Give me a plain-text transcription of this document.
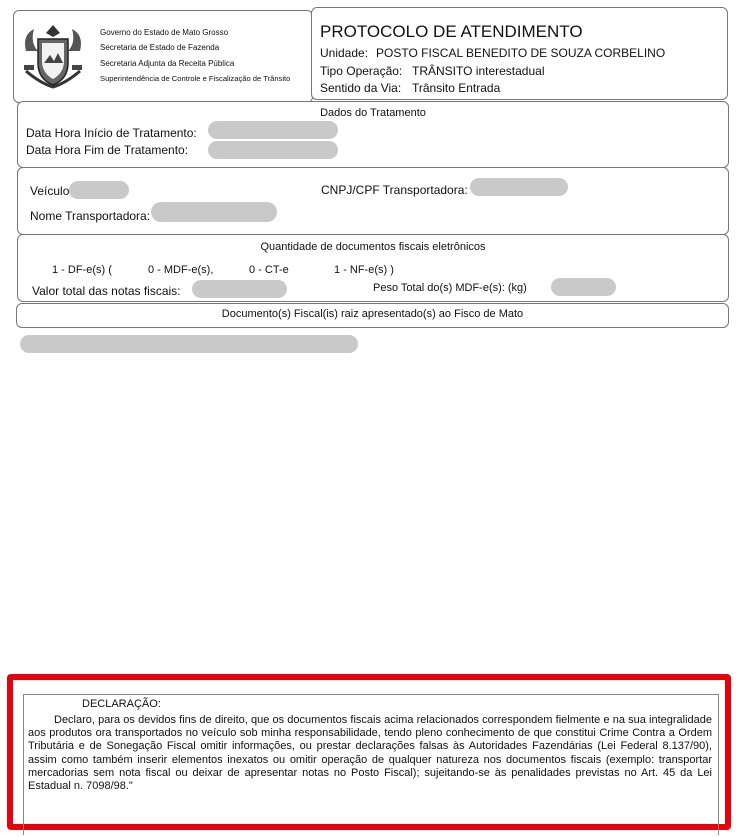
Governo do Estado de Mato Grosso
Secretaria de Estado de Fazenda
Secretaria Adjunta da Receita Pública
Superintendência de Controle e Fiscalização de Trânsito
PROTOCOLO DE ATENDIMENTO
Unidade: POSTO FISCAL BENEDITO DE SOUZA CORBELINO
Tipo Operação: TRÂNSITO interestadual
Sentido da Via: Trânsito Entrada
Dados do Tratamento
Data Hora Início de Tratamento:
Data Hora Fim de Tratamento:
Veículo	CNPJ/CPF Transportadora:
Nome Transportadora:
Quantidade de documentos fiscais eletrônicos
1 - DF-e(s) (	0 - MDF-e(s),	0 - CT-e	1 - NF-e(s) )
Valor total das notas fiscais:	Peso Total do(s) MDF-e(s): (kg)
Documento(s) Fiscal(is) raiz apresentado(s) ao Fisco de Mato
DECLARAÇÃO:
Declaro, para os devidos fins de direito, que os documentos fiscais acima relacionados correspondem fielmente e na sua integralidade aos produtos ora transportados no veículo sob minha responsabilidade, tendo pleno conhecimento de que constitui Crime Contra a Ordem Tributária e de Sonegação Fiscal omitir informações, ou prestar declarações falsas às Autoridades Fazendárias (Lei Federal 8.137/90), assim como também inserir elementos inexatos ou omitir operação de qualquer natureza nos documentos fiscais (exemplo: transportar mercadorias sem nota fiscal ou deixar de apresentar notas no Posto Fiscal); sujeitando-se às penalidades previstas no Art. 45 da Lei Estadual n. 7098/98."
